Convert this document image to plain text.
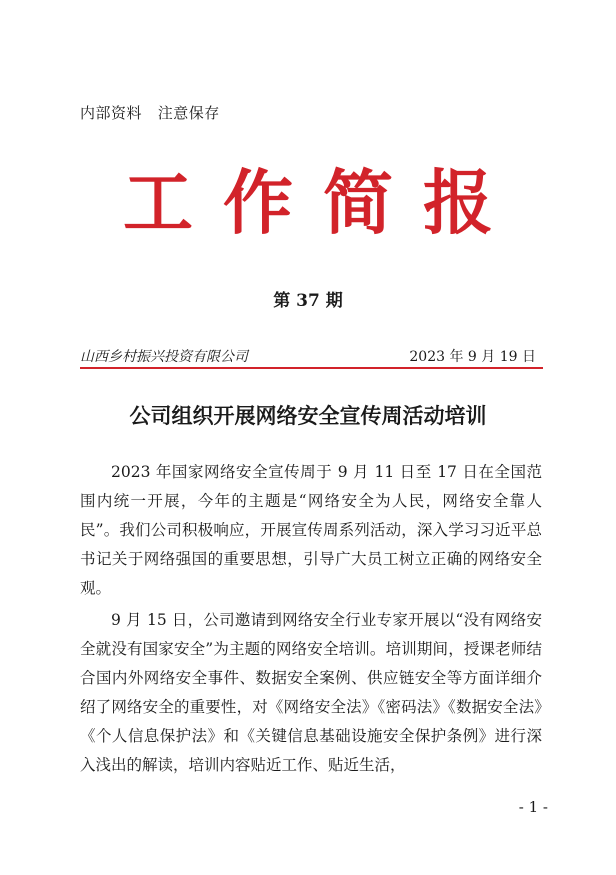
内部资料   注意保存
工作简报
第 37 期
山西乡村振兴投资有限公司	2023 年 9 月 19 日
公司组织开展网络安全宣传周活动培训

2023 年国家网络安全宣传周于 9 月 11 日至 17 日在全国范围内统一开展，今年的主题是“网络安全为人民，网络安全靠人民”。我们公司积极响应，开展宣传周系列活动，深入学习习近平总书记关于网络强国的重要思想，引导广大员工树立正确的网络安全观。

9 月 15 日，公司邀请到网络安全行业专家开展以“没有网络安全就没有国家安全”为主题的网络安全培训。培训期间，授课老师结合国内外网络安全事件、数据安全案例、供应链安全等方面详细介绍了网络安全的重要性，对《网络安全法》《密码法》《数据安全法》《个人信息保护法》和《关键信息基础设施安全保护条例》进行深入浅出的解读，培训内容贴近工作、贴近生活，

- 1 -
